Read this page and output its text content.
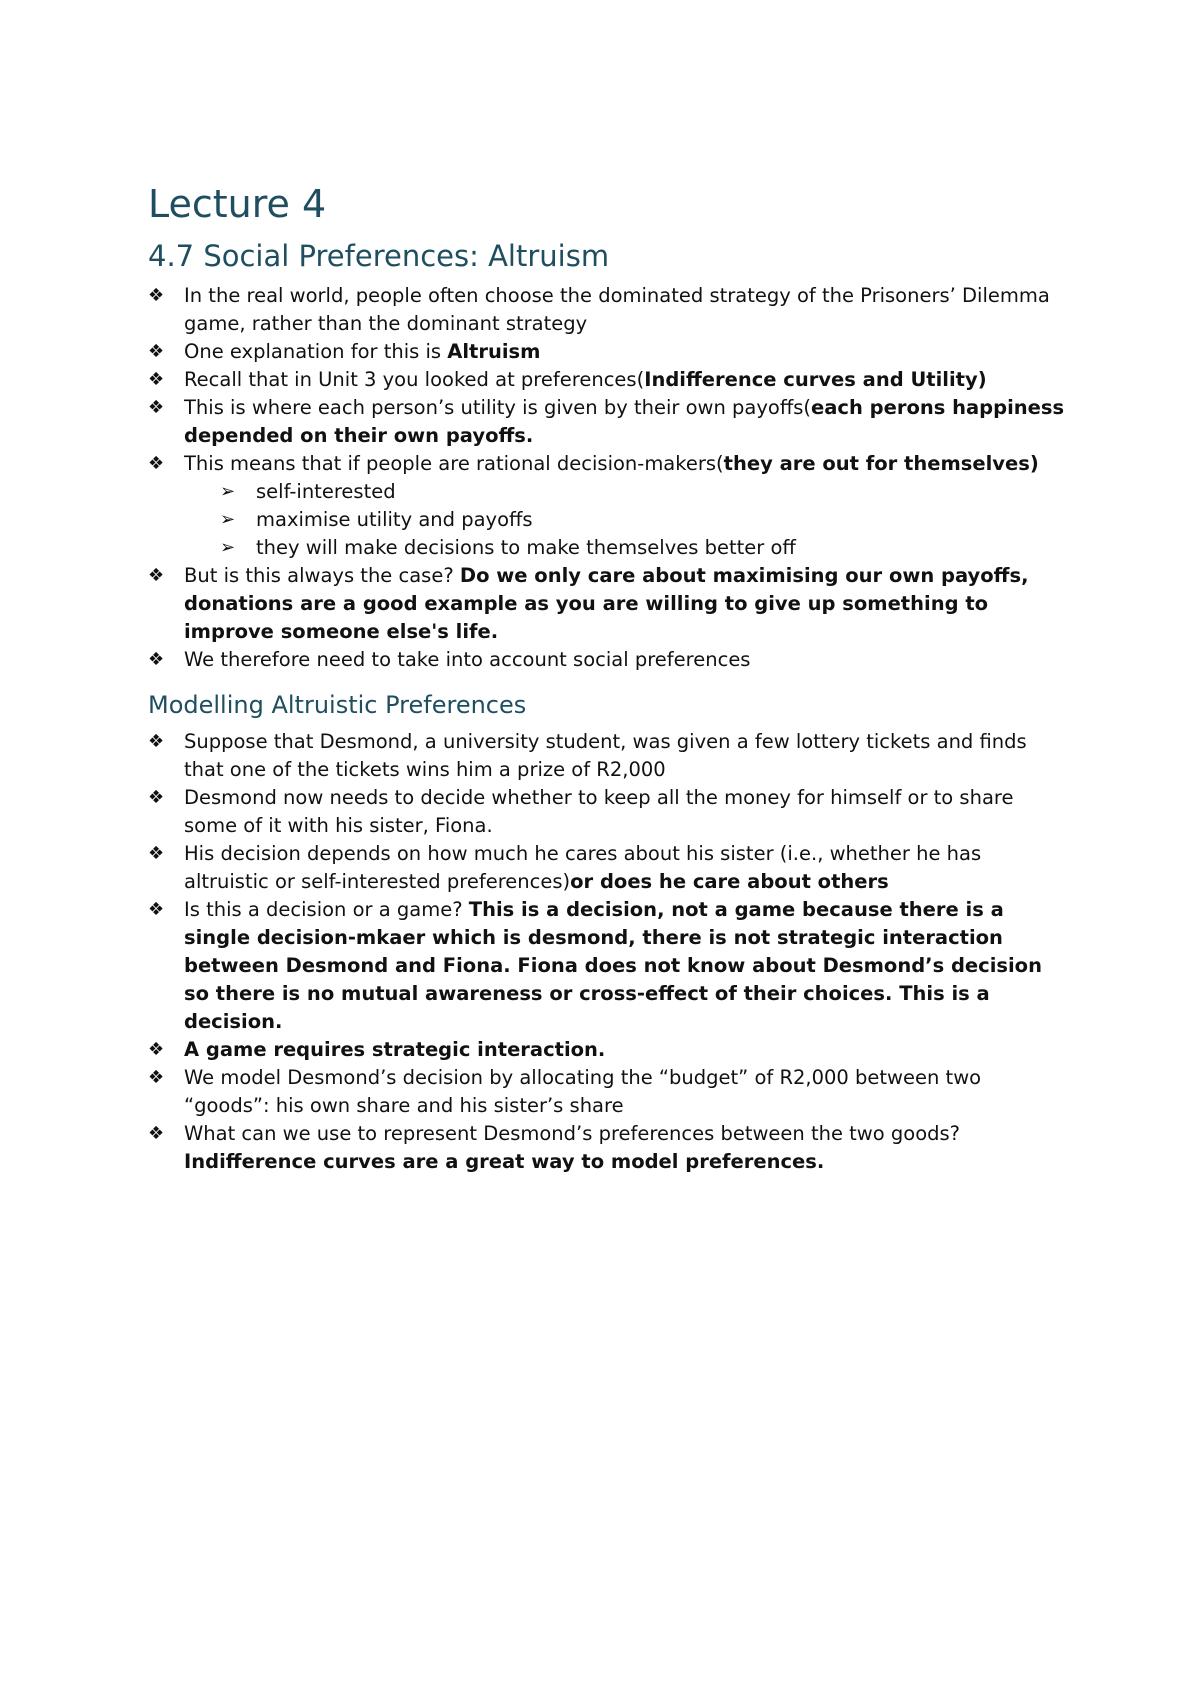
Lecture 4
4.7 Social Preferences: Altruism
❖	In the real world, people often choose the dominated strategy of the Prisoners’ Dilemma game, rather than the dominant strategy
❖	One explanation for this is Altruism
❖	Recall that in Unit 3 you looked at preferences(Indifference curves and Utility)
❖	This is where each person’s utility is given by their own payoffs(each perons happiness depended on their own payoffs.
❖	This means that if people are rational decision-makers(they are out for themselves)
➢	self-interested
➢	maximise utility and payoffs
➢	they will make decisions to make themselves better off
❖	But is this always the case? Do we only care about maximising our own payoffs, donations are a good example as you are willing to give up something to improve someone else's life.
❖	We therefore need to take into account social preferences
Modelling Altruistic Preferences
❖	Suppose that Desmond, a university student, was given a few lottery tickets and finds that one of the tickets wins him a prize of R2,000
❖	Desmond now needs to decide whether to keep all the money for himself or to share some of it with his sister, Fiona.
❖	His decision depends on how much he cares about his sister (i.e., whether he has altruistic or self-interested preferences)or does he care about others
❖	Is this a decision or a game? This is a decision, not a game because there is a single decision-mkaer which is desmond, there is not strategic interaction between Desmond and Fiona. Fiona does not know about Desmond’s decision so there is no mutual awareness or cross-effect of their choices. This is a decision.
❖	A game requires strategic interaction.
❖	We model Desmond’s decision by allocating the “budget” of R2,000 between two “goods”: his own share and his sister’s share
❖	What can we use to represent Desmond’s preferences between the two goods? Indifference curves are a great way to model preferences.
